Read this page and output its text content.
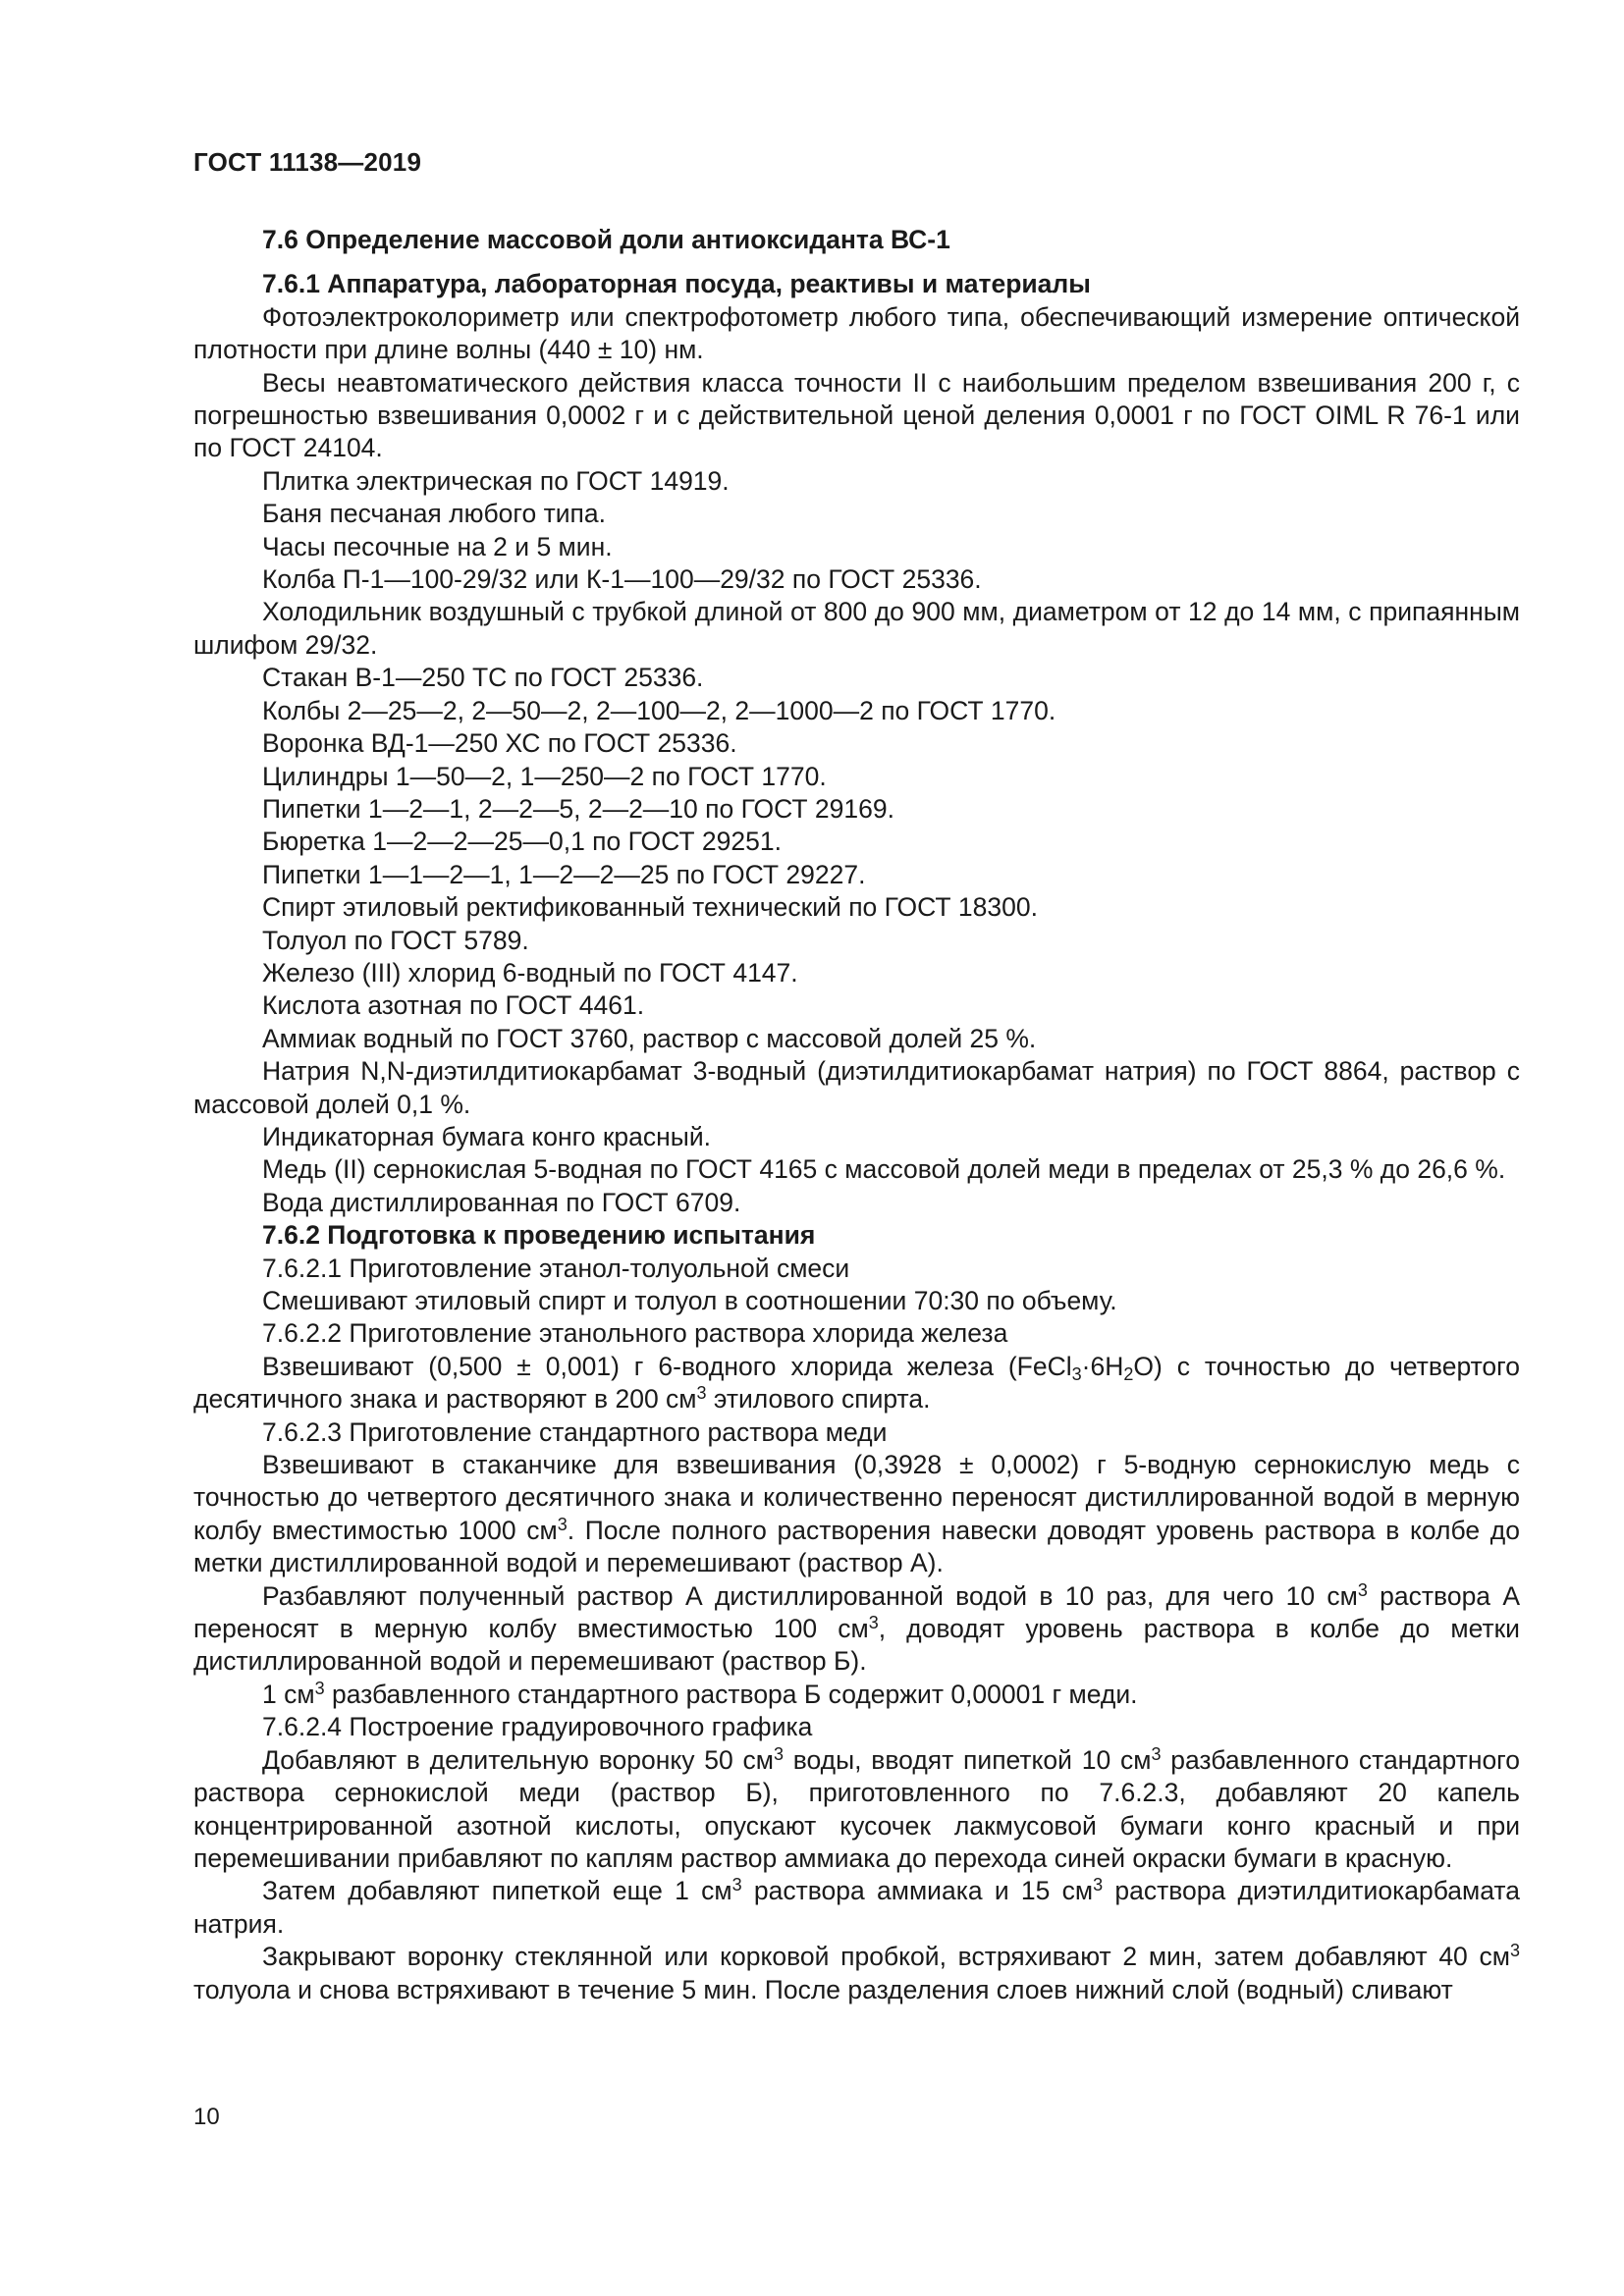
ГОСТ 11138—2019

7.6 Определение массовой доли антиоксиданта ВС-1

7.6.1 Аппаратура, лабораторная посуда, реактивы и материалы

Фотоэлектроколориметр или спектрофотометр любого типа, обеспечивающий измерение оптической плотности при длине волны (440 ± 10) нм.

Весы неавтоматического действия класса точности II с наибольшим пределом взвешивания 200 г, с погрешностью взвешивания 0,0002 г и с действительной ценой деления 0,0001 г по ГОСТ OIML R 76-1 или по ГОСТ 24104.

Плитка электрическая по ГОСТ 14919.

Баня песчаная любого типа.

Часы песочные на 2 и 5 мин.

Колба П-1—100-29/32 или К-1—100—29/32 по ГОСТ 25336.

Холодильник воздушный с трубкой длиной от 800 до 900 мм, диаметром от 12 до 14 мм, с припаянным шлифом 29/32.

Стакан В-1—250 ТС по ГОСТ 25336.

Колбы 2—25—2, 2—50—2, 2—100—2, 2—1000—2 по ГОСТ 1770.

Воронка ВД-1—250 ХС по ГОСТ 25336.

Цилиндры 1—50—2, 1—250—2 по ГОСТ 1770.

Пипетки 1—2—1, 2—2—5, 2—2—10 по ГОСТ 29169.

Бюретка 1—2—2—25—0,1 по ГОСТ 29251.

Пипетки 1—1—2—1, 1—2—2—25 по ГОСТ 29227.

Спирт этиловый ректификованный технический по ГОСТ 18300.

Толуол по ГОСТ 5789.

Железо (III) хлорид 6-водный по ГОСТ 4147.

Кислота азотная по ГОСТ 4461.

Аммиак водный по ГОСТ 3760, раствор с массовой долей 25 %.

Натрия N,N-диэтилдитиокарбамат 3-водный (диэтилдитиокарбамат натрия) по ГОСТ 8864, раствор с массовой долей 0,1 %.

Индикаторная бумага конго красный.

Медь (II) сернокислая 5-водная по ГОСТ 4165 с массовой долей меди в пределах от 25,3 % до 26,6 %.

Вода дистиллированная по ГОСТ 6709.

7.6.2 Подготовка к проведению испытания

7.6.2.1 Приготовление этанол-толуольной смеси

Смешивают этиловый спирт и толуол в соотношении 70:30 по объему.

7.6.2.2 Приготовление этанольного раствора хлорида железа

Взвешивают (0,500 ± 0,001) г 6-водного хлорида железа $(FeCl_3\cdot 6H_2O)$ с точностью до четвертого десятичного знака и растворяют в 200 $см^3$ этилового спирта.

7.6.2.3 Приготовление стандартного раствора меди

Взвешивают в стаканчике для взвешивания (0,3928 ± 0,0002) г 5-водную сернокислую медь с точностью до четвертого десятичного знака и количественно переносят дистиллированной водой в мерную колбу вместимостью 1000 $см^3$. После полного растворения навески доводят уровень раствора в колбе до метки дистиллированной водой и перемешивают (раствор А).

Разбавляют полученный раствор А дистиллированной водой в 10 раз, для чего 10 $см^3$ раствора А переносят в мерную колбу вместимостью 100 $см^3$, доводят уровень раствора в колбе до метки дистиллированной водой и перемешивают (раствор Б).

1 $см^3$ разбавленного стандартного раствора Б содержит 0,00001 г меди.

7.6.2.4 Построение градуировочного графика

Добавляют в делительную воронку 50 $см^3$ воды, вводят пипеткой 10 $см^3$ разбавленного стандартного раствора сернокислой меди (раствор Б), приготовленного по 7.6.2.3, добавляют 20 капель концентрированной азотной кислоты, опускают кусочек лакмусовой бумаги конго красный и при перемешивании прибавляют по каплям раствор аммиака до перехода синей окраски бумаги в красную.

Затем добавляют пипеткой еще 1 $см^3$ раствора аммиака и 15 $см^3$ раствора диэтилдитиокарбамата натрия.

Закрывают воронку стеклянной или корковой пробкой, встряхивают 2 мин, затем добавляют 40 $см^3$ толуола и снова встряхивают в течение 5 мин. После разделения слоев нижний слой (водный) сливают

10
